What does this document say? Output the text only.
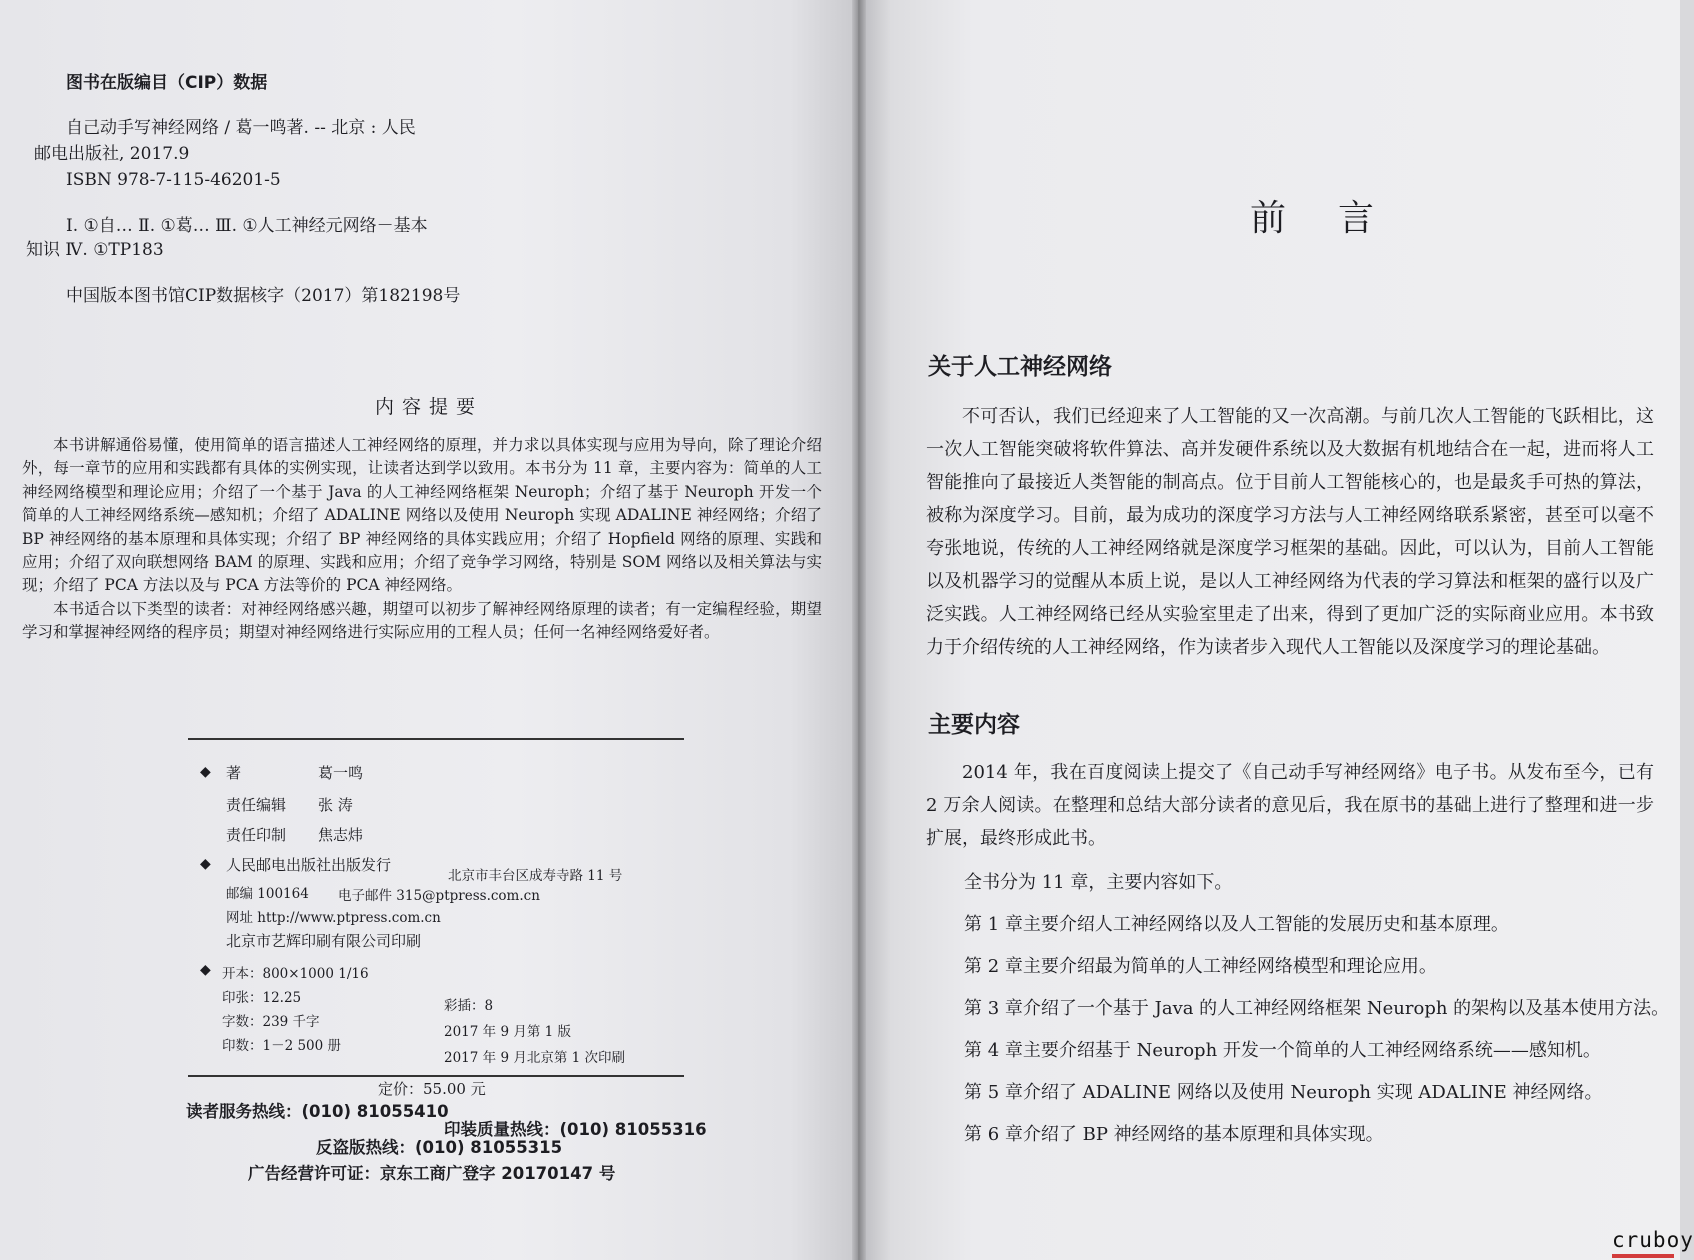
图书在版编目（CIP）数据
自己动手写神经网络 / 葛一鸣著. -- 北京 : 人民
邮电出版社, 2017.9
ISBN 978-7-115-46201-5
Ⅰ. ①自… Ⅱ. ①葛… Ⅲ. ①人工神经元网络－基本
知识 Ⅳ. ①TP183
中国版本图书馆CIP数据核字（2017）第182198号
内容提要

本书讲解通俗易懂，使用简单的语言描述人工神经网络的原理，并力求以具体实现与应用为导向，除了理论介绍外，每一章节的应用和实践都有具体的实例实现，让读者达到学以致用。本书分为 11 章，主要内容为：简单的人工神经网络模型和理论应用；介绍了一个基于 Java 的人工神经网络框架 Neuroph；介绍了基于 Neuroph 开发一个简单的人工神经网络系统—感知机；介绍了 ADALINE 网络以及使用 Neuroph 实现 ADALINE 神经网络；介绍了 BP 神经网络的基本原理和具体实现；介绍了 BP 神经网络的具体实践应用；介绍了 Hopfield 网络的原理、实践和应用；介绍了双向联想网络 BAM 的原理、实践和应用；介绍了竞争学习网络，特别是 SOM 网络以及相关算法与实现；介绍了 PCA 方法以及与 PCA 方法等价的 PCA 神经网络。

本书适合以下类型的读者：对神经网络感兴趣，期望可以初步了解神经网络原理的读者；有一定编程经验，期望学习和掌握神经网络的程序员；期望对神经网络进行实际应用的工程人员；任何一名神经网络爱好者。

◆ 著	葛一鸣
责任编辑 张 涛
责任印制 焦志炜
◆ 人民邮电出版社出版发行
北京市丰台区成寿寺路 11 号
邮编 100164 电子邮件 315@ptpress.com.cn
网址 http://www.ptpress.com.cn
北京市艺辉印刷有限公司印刷
◆ 开本：800×1000 1/16
印张：12.25	彩插：8
字数：239 千字
2017 年 9 月第 1 版
印数：1－2 500 册
2017 年 9 月北京第 1 次印刷
定价：55.00 元
读者服务热线：(010) 81055410
印装质量热线：(010) 81055316
反盗版热线：(010) 81055315
广告经营许可证：京东工商广登字 20170147 号
前言
关于人工神经网络

不可否认，我们已经迎来了人工智能的又一次高潮。与前几次人工智能的飞跃相比，这一次人工智能突破将软件算法、高并发硬件系统以及大数据有机地结合在一起，进而将人工智能推向了最接近人类智能的制高点。位于目前人工智能核心的，也是最炙手可热的算法，被称为深度学习。目前，最为成功的深度学习方法与人工神经网络联系紧密，甚至可以毫不夸张地说，传统的人工神经网络就是深度学习框架的基础。因此，可以认为，目前人工智能以及机器学习的觉醒从本质上说，是以人工神经网络为代表的学习算法和框架的盛行以及广泛实践。人工神经网络已经从实验室里走了出来，得到了更加广泛的实际商业应用。本书致力于介绍传统的人工神经网络，作为读者步入现代人工智能以及深度学习的理论基础。

主要内容

2014 年，我在百度阅读上提交了《自己动手写神经网络》电子书。从发布至今，已有 2 万余人阅读。在整理和总结大部分读者的意见后，我在原书的基础上进行了整理和进一步扩展，最终形成此书。

全书分为 11 章，主要内容如下。
第 1 章主要介绍人工神经网络以及人工智能的发展历史和基本原理。
第 2 章主要介绍最为简单的人工神经网络模型和理论应用。
第 3 章介绍了一个基于 Java 的人工神经网络框架 Neuroph 的架构以及基本使用方法。
第 4 章主要介绍基于 Neuroph 开发一个简单的人工神经网络系统——感知机。
第 5 章介绍了 ADALINE 网络以及使用 Neuroph 实现 ADALINE 神经网络。
第 6 章介绍了 BP 神经网络的基本原理和具体实现。
cruboy
